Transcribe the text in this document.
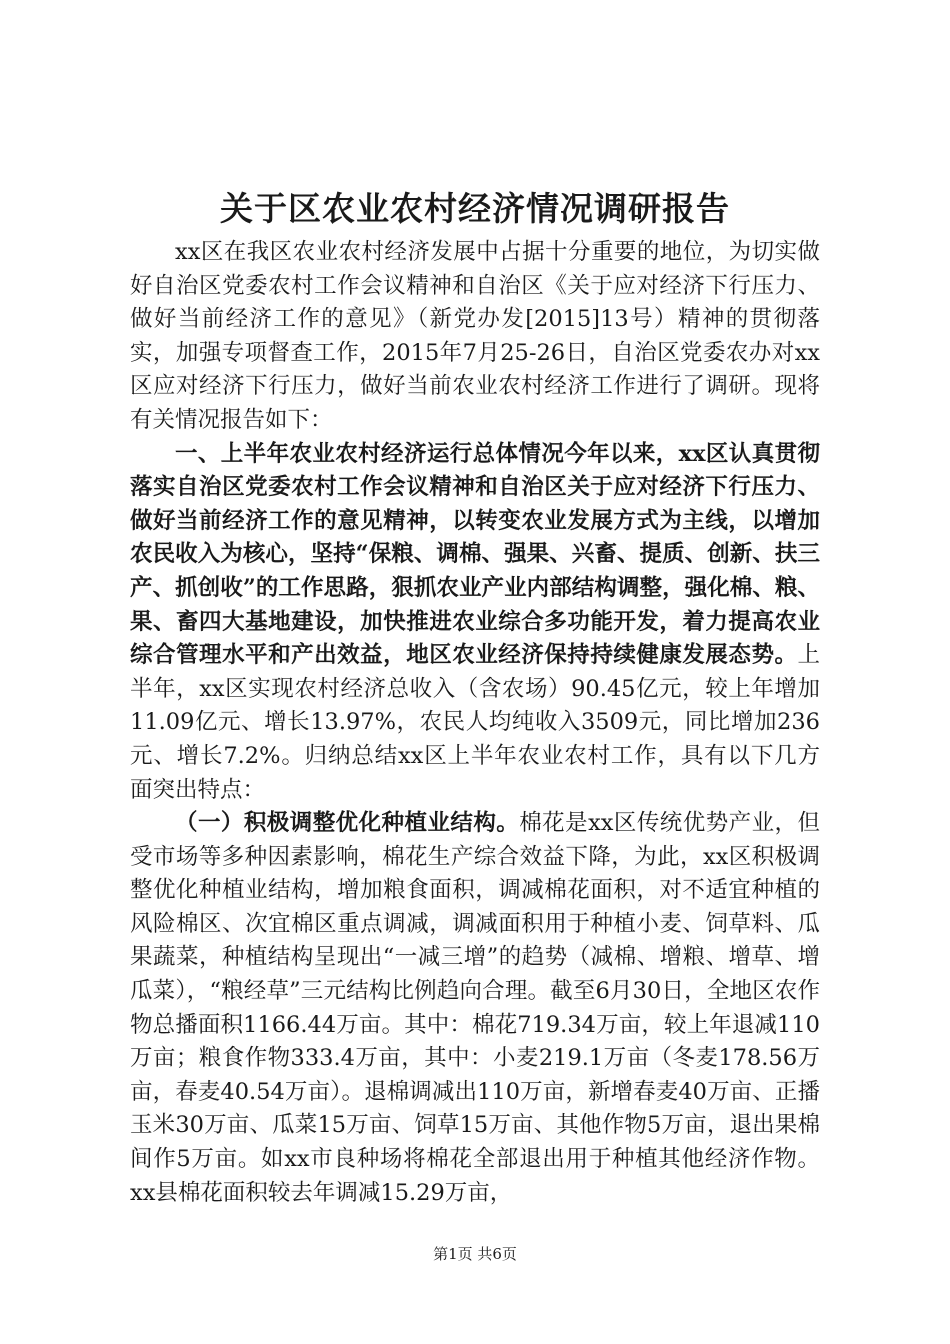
关于区农业农村经济情况调研报告

xx区在我区农业农村经济发展中占据十分重要的地位，为切实做好自治区党委农村工作会议精神和自治区《关于应对经济下行压力、做好当前经济工作的意见》（新党办发[2015]13号）精神的贯彻落实，加强专项督查工作，2015年7月25-26日，自治区党委农办对xx区应对经济下行压力，做好当前农业农村经济工作进行了调研。现将有关情况报告如下：

一、上半年农业农村经济运行总体情况今年以来，xx区认真贯彻落实自治区党委农村工作会议精神和自治区关于应对经济下行压力、做好当前经济工作的意见精神，以转变农业发展方式为主线，以增加农民收入为核心，坚持“保粮、调棉、强果、兴畜、提质、创新、扶三产、抓创收”的工作思路，狠抓农业产业内部结构调整，强化棉、粮、果、畜四大基地建设，加快推进农业综合多功能开发，着力提高农业综合管理水平和产出效益，地区农业经济保持持续健康发展态势。上半年，xx区实现农村经济总收入（含农场）90.45亿元，较上年增加11.09亿元、增长13.97%，农民人均纯收入3509元，同比增加236元、增长7.2%。归纳总结xx区上半年农业农村工作，具有以下几方面突出特点：

（一）积极调整优化种植业结构。棉花是xx区传统优势产业，但受市场等多种因素影响，棉花生产综合效益下降，为此，xx区积极调整优化种植业结构，增加粮食面积，调减棉花面积，对不适宜种植的风险棉区、次宜棉区重点调减，调减面积用于种植小麦、饲草料、瓜果蔬菜，种植结构呈现出“一减三增”的趋势（减棉、增粮、增草、增瓜菜），“粮经草”三元结构比例趋向合理。截至6月30日，全地区农作物总播面积1166.44万亩。其中：棉花719.34万亩，较上年退减110万亩；粮食作物333.4万亩，其中：小麦219.1万亩（冬麦178.56万亩，春麦40.54万亩）。退棉调减出110万亩，新增春麦40万亩、正播玉米30万亩、瓜菜15万亩、饲草15万亩、其他作物5万亩，退出果棉间作5万亩。如xx市良种场将棉花全部退出用于种植其他经济作物。xx县棉花面积较去年调减15.29万亩，

第1页 共6页
